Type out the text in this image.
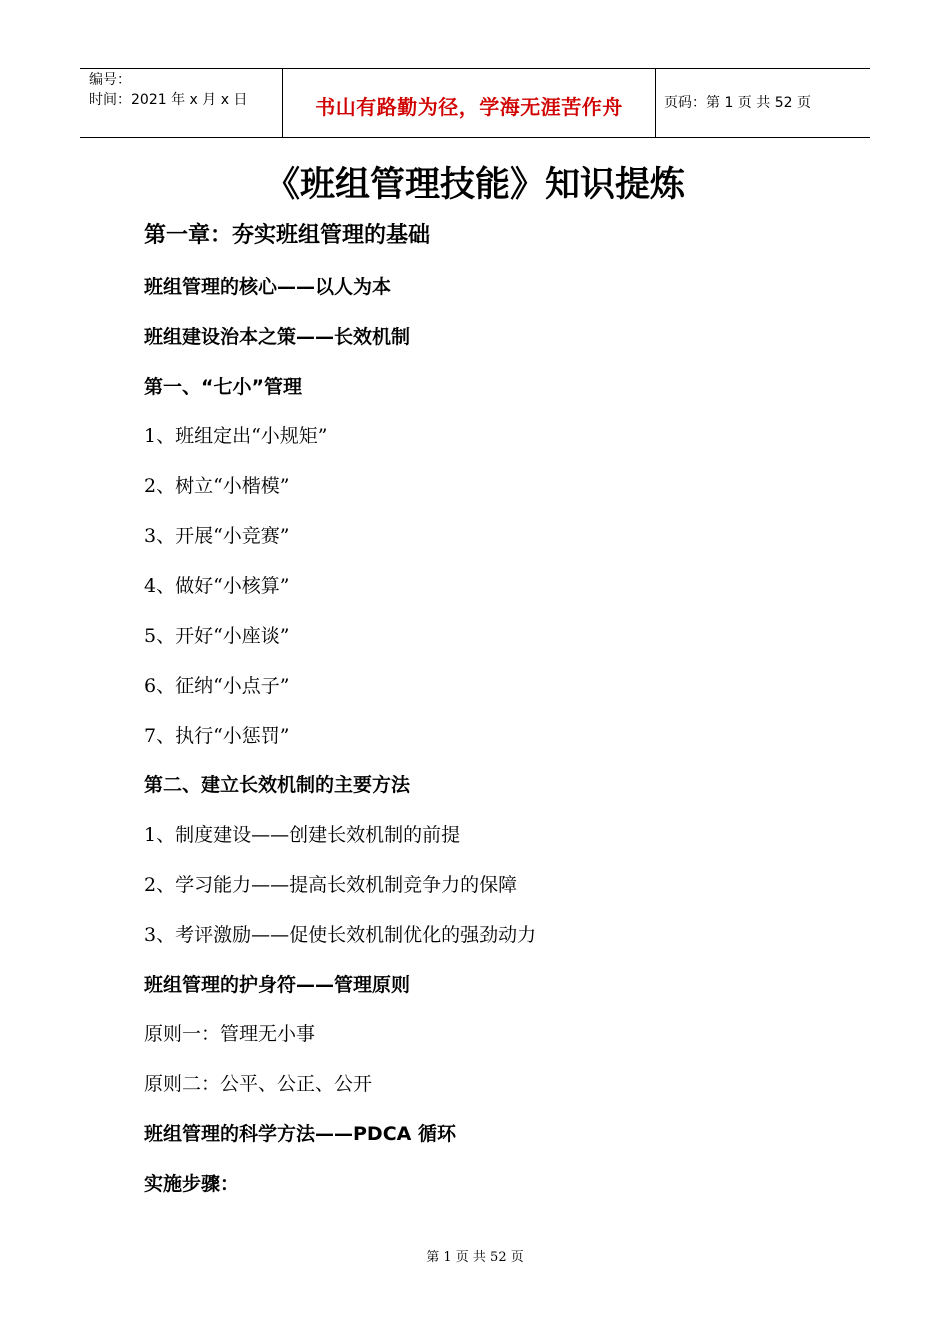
编号：
时间：2021 年 x 月 x 日	书山有路勤为径，学海无涯苦作舟	页码：第 1 页 共 52 页
《班组管理技能》知识提炼
第一章：夯实班组管理的基础
班组管理的核心——以人为本
班组建设治本之策——长效机制
第一、“七小”管理
1、班组定出“小规矩”
2、树立“小楷模”
3、开展“小竞赛”
4、做好“小核算”
5、开好“小座谈”
6、征纳“小点子”
7、执行“小惩罚”
第二、建立长效机制的主要方法
1、制度建设——创建长效机制的前提
2、学习能力——提高长效机制竞争力的保障
3、考评激励——促使长效机制优化的强劲动力
班组管理的护身符——管理原则
原则一：管理无小事
原则二：公平、公正、公开
班组管理的科学方法——PDCA 循环
实施步骤：
第 1 页 共 52 页
